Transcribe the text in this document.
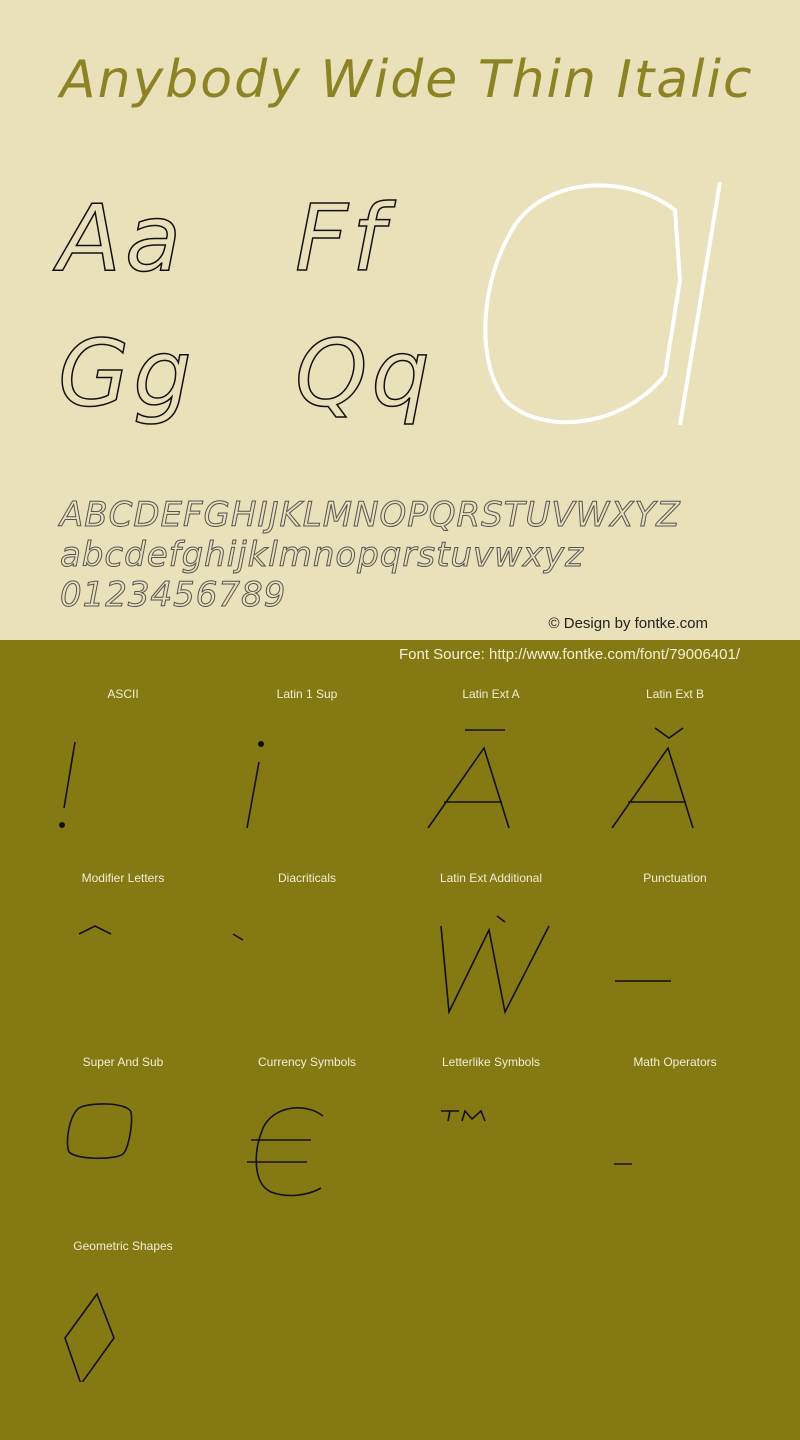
Anybody Wide Thin Italic
Aa Ff
Gg Qq
a
ABCDEFGHIJKLMNOPQRSTUVWXYZ
abcdefghijklmnopqrstuvwxyz
0123456789
© Design by fontke.com
Font Source: http://www.fontke.com/font/79006401/
ASCII	Latin 1 Sup	Latin Ext A	Latin Ext B
Modifier Letters	Diacriticals	Latin Ext Additional	Punctuation
Super And Sub	Currency Symbols	Letterlike Symbols	Math Operators
Geometric Shapes
